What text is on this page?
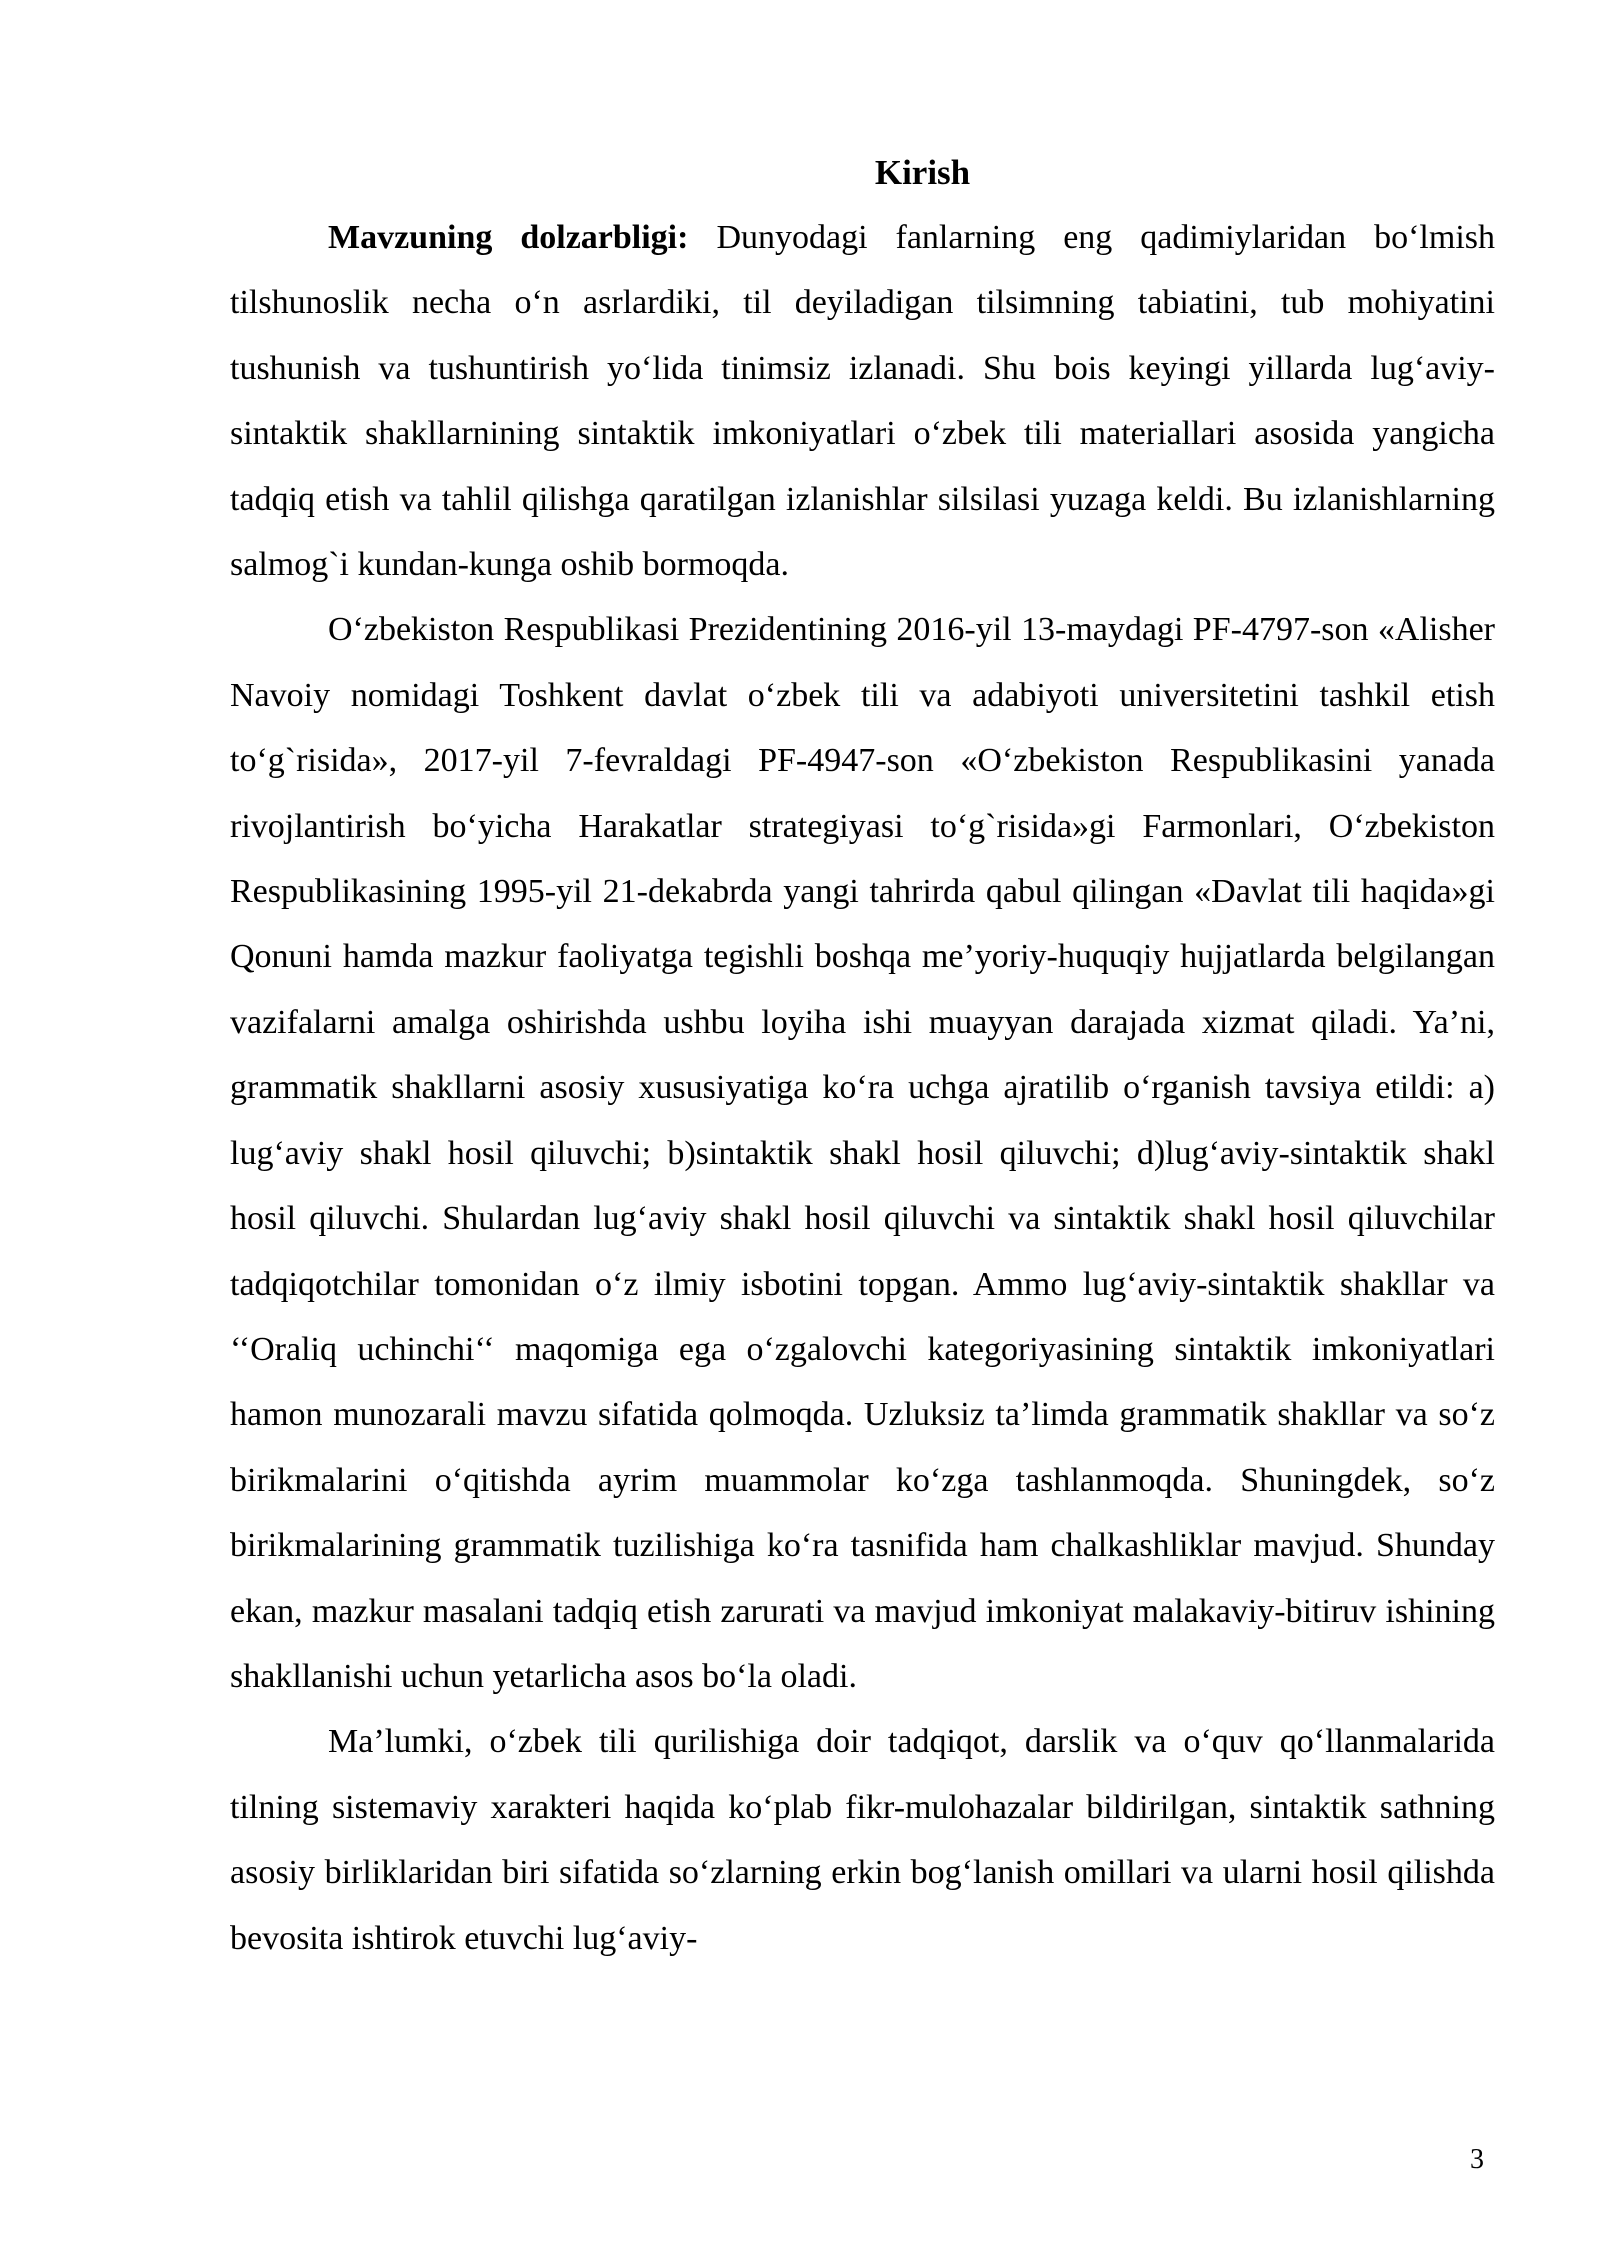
Kirish

Mavzuning dolzarbligi: Dunyodagi fanlarning eng qadimiylaridan boʻlmish tilshunoslik necha oʻn asrlardiki, til deyiladigan tilsimning tabiatini, tub mohiyatini tushunish va tushuntirish yoʻlida tinimsiz izlanadi. Shu bois keyingi yillarda lugʻaviy-sintaktik shakllarnining sintaktik imkoniyatlari oʻzbek tili materiallari asosida yangicha tadqiq etish va tahlil qilishga qaratilgan izlanishlar silsilasi yuzaga keldi. Bu izlanishlarning salmog`i kundan-kunga oshib bormoqda.

Oʻzbekiston Respublikasi Prezidentining 2016-yil 13-maydagi PF-4797-son «Alisher Navoiy nomidagi Toshkent davlat oʻzbek tili va adabiyoti universitetini tashkil etish toʻg`risida», 2017-yil 7-fevraldagi PF-4947-son «Oʻzbekiston Respublikasini yanada rivojlantirish boʻyicha Harakatlar strategiyasi toʻg`risida»gi Farmonlari, Oʻzbekiston Respublikasining 1995-yil 21-dekabrda yangi tahrirda qabul qilingan «Davlat tili haqida»gi Qonuni hamda mazkur faoliyatga tegishli boshqa me’yoriy-huquqiy hujjatlarda belgilangan vazifalarni amalga oshirishda ushbu loyiha ishi muayyan darajada xizmat qiladi. Ya’ni, grammatik shakllarni asosiy xususiyatiga koʻra uchga ajratilib oʻrganish tavsiya etildi: a) lugʻaviy shakl hosil qiluvchi; b)sintaktik shakl hosil qiluvchi; d)lugʻaviy-sintaktik shakl hosil qiluvchi. Shulardan lugʻaviy shakl hosil qiluvchi va sintaktik shakl hosil qiluvchilar tadqiqotchilar tomonidan oʻz ilmiy isbotini topgan. Ammo lugʻaviy-sintaktik shakllar va ‘‘Oraliq uchinchi‘‘ maqomiga ega oʻzgalovchi kategoriyasining sintaktik imkoniyatlari hamon munozarali mavzu sifatida qolmoqda. Uzluksiz ta’limda grammatik shakllar va soʻz birikmalarini oʻqitishda ayrim muammolar koʻzga tashlanmoqda. Shuningdek, soʻz birikmalarining grammatik tuzilishiga koʻra tasnifida ham chalkashliklar mavjud. Shunday ekan, mazkur masalani tadqiq etish zarurati va mavjud imkoniyat malakaviy-bitiruv ishining shakllanishi uchun yetarlicha asos boʻla oladi.

Ma’lumki, oʻzbek tili qurilishiga doir tadqiqot, darslik va oʻquv qoʻllanmalarida tilning sistemaviy xarakteri haqida koʻplab fikr-mulohazalar bildirilgan, sintaktik sathning asosiy birliklaridan biri sifatida soʻzlarning erkin bogʻlanish omillari va ularni hosil qilishda bevosita ishtirok etuvchi lugʻaviy-

3
